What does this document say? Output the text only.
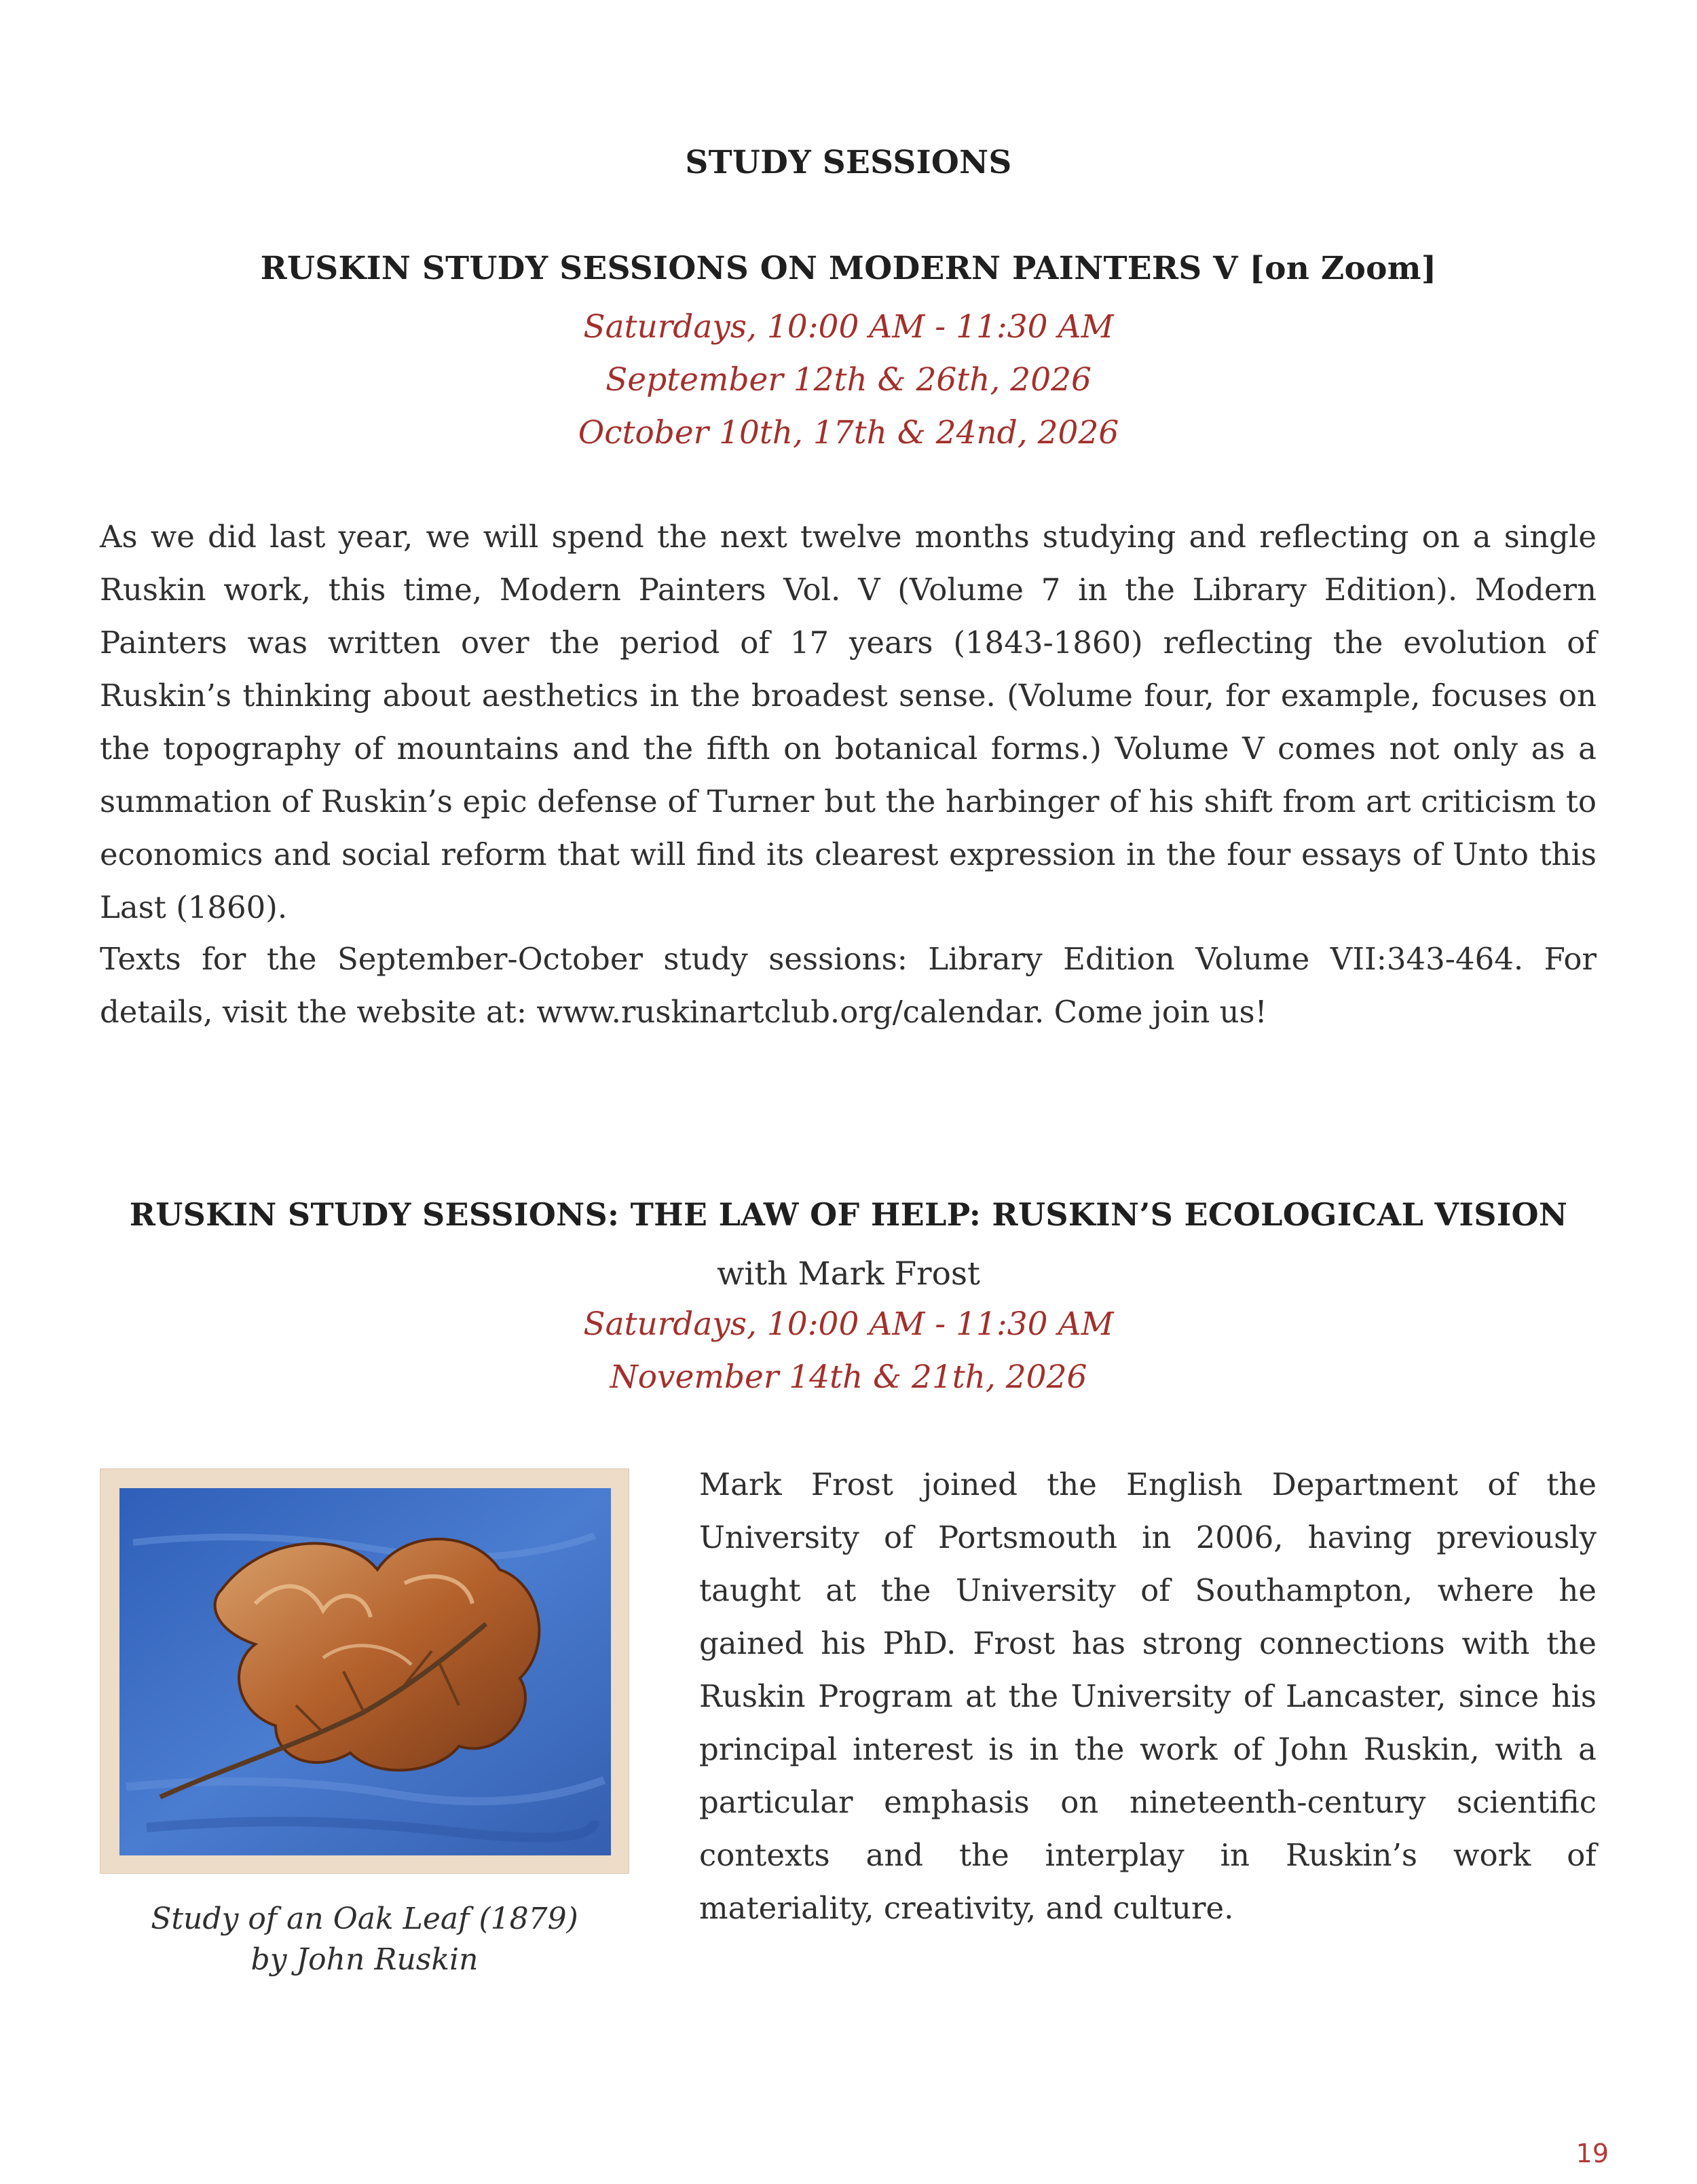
STUDY SESSIONS
RUSKIN STUDY SESSIONS ON MODERN PAINTERS V [on Zoom]
Saturdays, 10:00 AM - 11:30 AM
September 12th & 26th, 2026
October 10th, 17th & 24nd, 2026

As we did last year, we will spend the next twelve months studying and reflecting on a single Ruskin work, this time, Modern Painters Vol. V (Volume 7 in the Library Edition). Modern Painters was written over the period of 17 years (1843-1860) reflecting the evolution of Ruskin’s thinking about aesthetics in the broadest sense. (Volume four, for example, focuses on the topography of mountains and the fifth on botanical forms.) Volume V comes not only as a summation of Ruskin’s epic defense of Turner but the harbinger of his shift from art criticism to economics and social reform that will find its clearest expression in the four essays of Unto this Last (1860).

Texts for the September-October study sessions: Library Edition Volume VII:343-464. For details, visit the website at: www.ruskinartclub.org/calendar. Come join us!

RUSKIN STUDY SESSIONS: THE LAW OF HELP: RUSKIN’S ECOLOGICAL VISION
with Mark Frost
Saturdays, 10:00 AM - 11:30 AM
November 14th & 21th, 2026
Study of an Oak Leaf (1879)
by John Ruskin

Mark Frost joined the English Department of the University of Portsmouth in 2006, having previously taught at the University of Southampton, where he gained his PhD. Frost has strong connections with the Ruskin Program at the University of Lancaster, since his principal interest is in the work of John Ruskin, with a particular emphasis on nineteenth-century scientific contexts and the interplay in Ruskin’s work of materiality, creativity, and culture.

19
